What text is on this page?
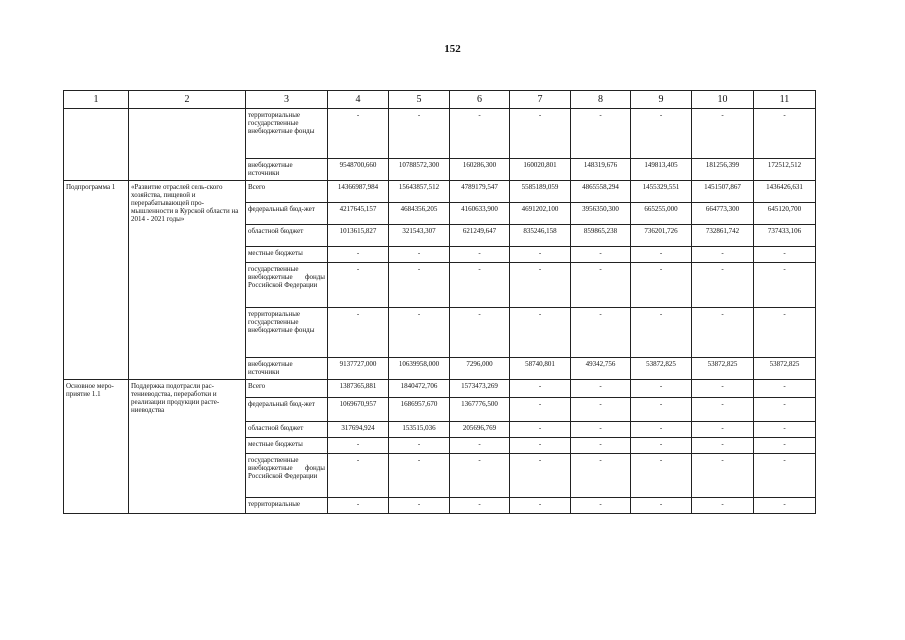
152
1	2	3	4	5	6	7	8	9	10	11
		территориальные государственные внебюджетные фонды	-	-	-	-	-	-	-	-
		внебюджетные источники	9548700,660	10788572,300	160286,300	160020,801	148319,676	149813,405	181256,399	172512,512
Подпрограмма 1	«Развитие отраслей сель-ского хозяйства, пищевой и перерабатывающей про-мышленности в Курской области на 2014 - 2021 годы»	Всего	14366987,984	15643857,512	4789179,547	5585189,059	4865558,294	1455329,551	1451507,867	1436426,631
		федеральный бюд-жет	4217645,157	4684356,205	4160633,900	4691202,100	3956350,300	665255,000	664773,300	645120,700
		областной бюджет	1013615,827	321543,307	621249,647	835246,158	859865,238	736201,726	732861,742	737433,106
		местные бюджеты	-	-	-	-	-	-	-	-
		государственные внебюджетные фонды Российской Федерации	-	-	-	-	-	-	-	-
		территориальные государственные внебюджетные фонды	-	-	-	-	-	-	-	-
		внебюджетные источники	9137727,000	10639958,000	7296,000	58740,801	49342,756	53872,825	53872,825	53872,825
Основное меро-приятие 1.1	Поддержка подотрасли рас-тениеводства, переработки и реализации продукции расте-ниеводства	Всего	1387365,881	1840472,706	1573473,269	-	-	-	-	-
		федеральный бюд-жет	1069670,957	1686957,670	1367776,500	-	-	-	-	-
		областной бюджет	317694,924	153515,036	205696,769	-	-	-	-	-
		местные бюджеты	-	-	-	-	-	-	-	-
		государственные внебюджетные фонды Российской Федерации	-	-	-	-	-	-	-	-
		территориальные	-	-	-	-	-	-	-	-
